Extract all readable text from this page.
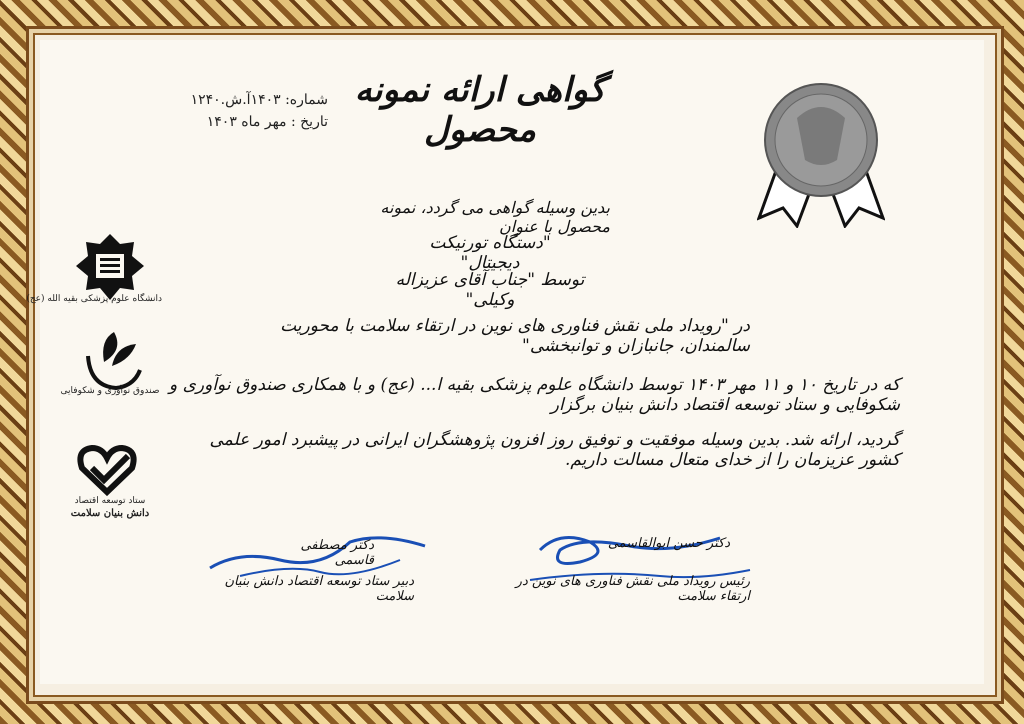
گواهی ارائه نمونه محصول
شماره: ۱۴۰۳آ.ش.۱۲۴۰
تاریخ : مهر ماه ۱۴۰۳
بدین وسیله گواهی می گردد، نمونه محصول با عنوان
"دستگاه تورنیکت دیجیتال"
توسط "جناب آقای عزیزاله وکیلی"
در "رویداد ملی نقش فناوری های نوین در ارتقاء سلامت با محوریت سالمندان، جانبازان و توانبخشی"
که در تاریخ ۱۰ و ۱۱ مهر ۱۴۰۳ توسط دانشگاه علوم پزشکی بقیه ا... (عج) و با همکاری صندوق نوآوری و شکوفایی و ستاد توسعه اقتصاد دانش بنیان برگزار
گردید، ارائه شد. بدین وسیله موفقیت و توفیق روز افزون پژوهشگران ایرانی در پیشبرد امور علمی کشور عزیزمان را از خدای متعال مسالت داریم.
دانشگاه علوم پزشکی بقیه الله (عج)
صندوق نوآوری و شکوفایی
ستاد توسعه اقتصاد
دانش بنیان سلامت
دکتر مصطفی قاسمی
دبیر ستاد توسعه اقتصاد دانش بنیان سلامت
دکتر حسن ابوالقاسمی
رئیس رویداد ملی نقش فناوری های نوین در ارتقاء سلامت
